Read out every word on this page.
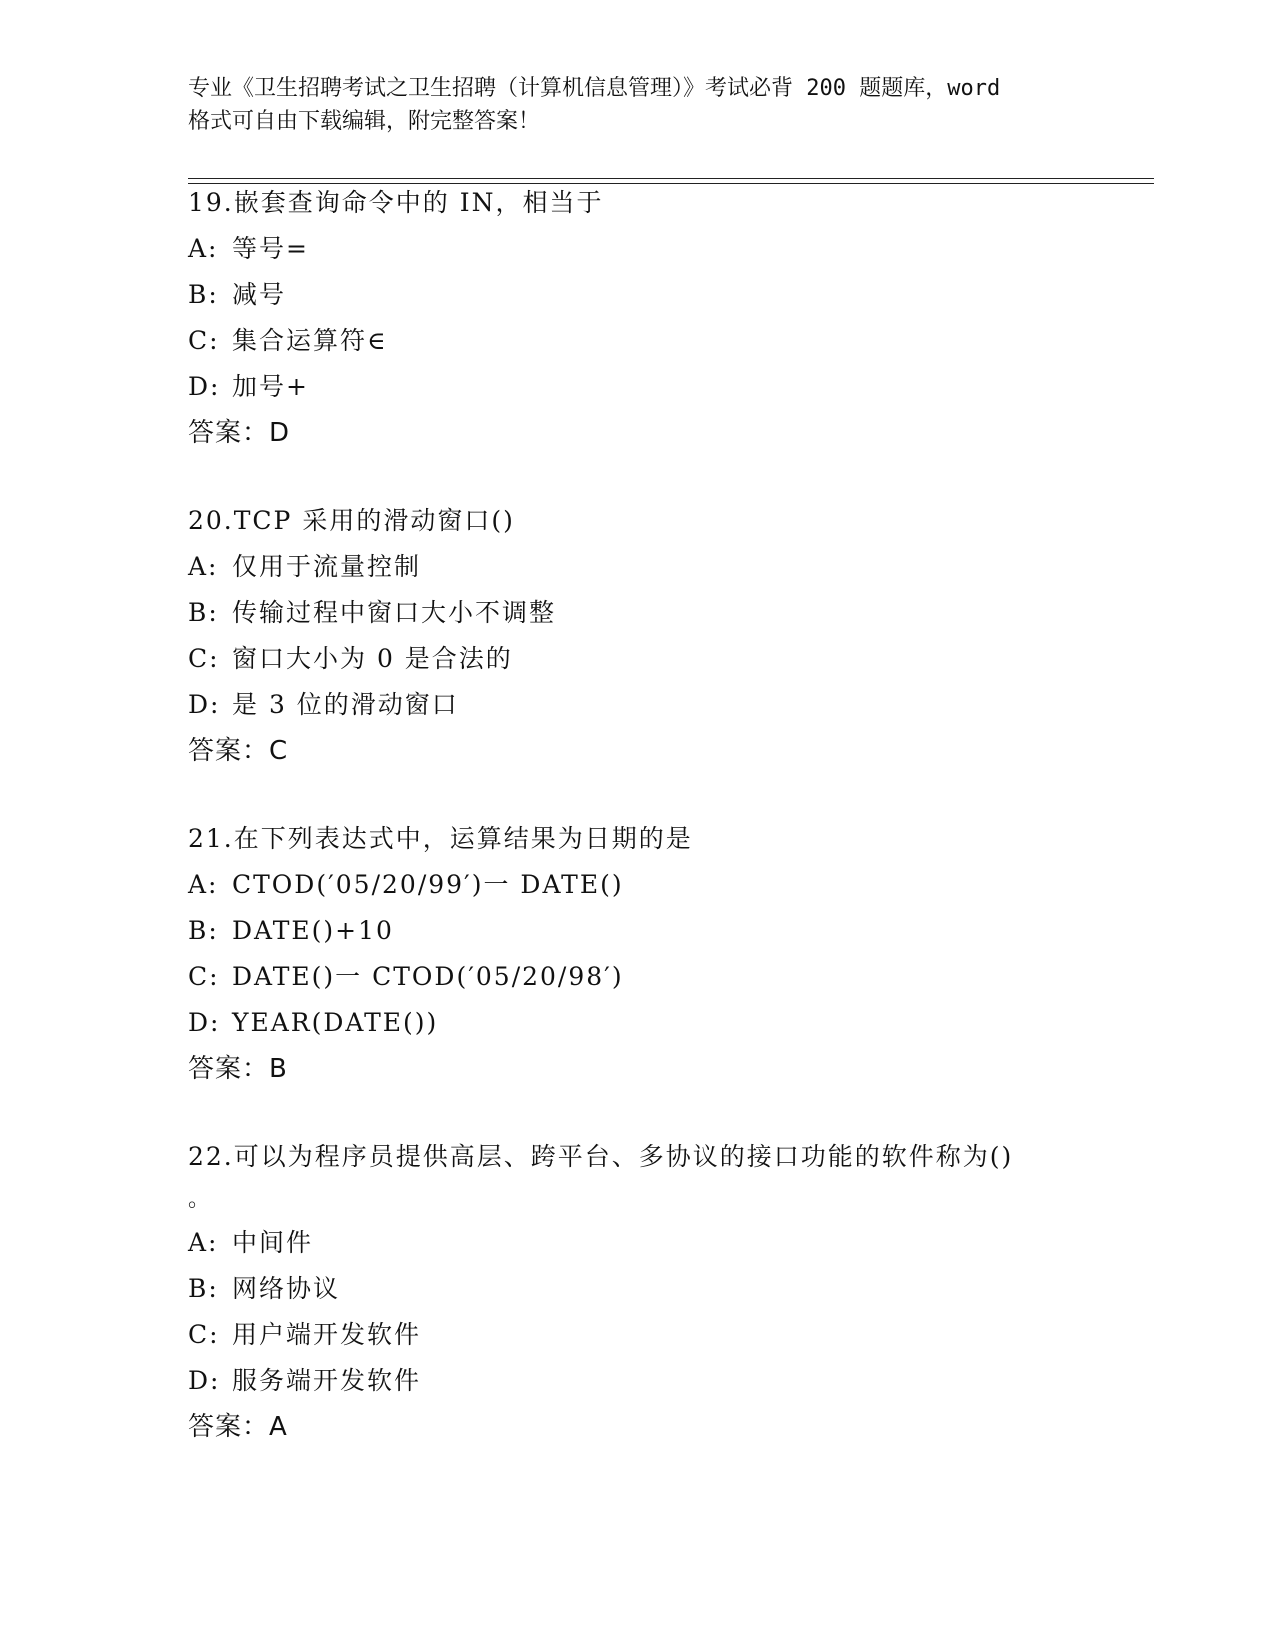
专业《卫生招聘考试之卫生招聘（计算机信息管理）》考试必背 200 题题库，word
格式可自由下载编辑，附完整答案！
19.嵌套查询命令中的 IN，相当于
A: 等号=
B: 减号
C: 集合运算符∈
D: 加号+
答案：D
20.TCP 采用的滑动窗口()
A: 仅用于流量控制
B: 传输过程中窗口大小不调整
C: 窗口大小为 0 是合法的
D: 是 3 位的滑动窗口
答案：C
21.在下列表达式中，运算结果为日期的是
A: CTOD(′05/20/99′)一 DATE()
B: DATE()+10
C: DATE()一 CTOD(′05/20/98′)
D: YEAR(DATE())
答案：B
22.可以为程序员提供高层、跨平台、多协议的接口功能的软件称为()
。
A: 中间件
B: 网络协议
C: 用户端开发软件
D: 服务端开发软件
答案：A
